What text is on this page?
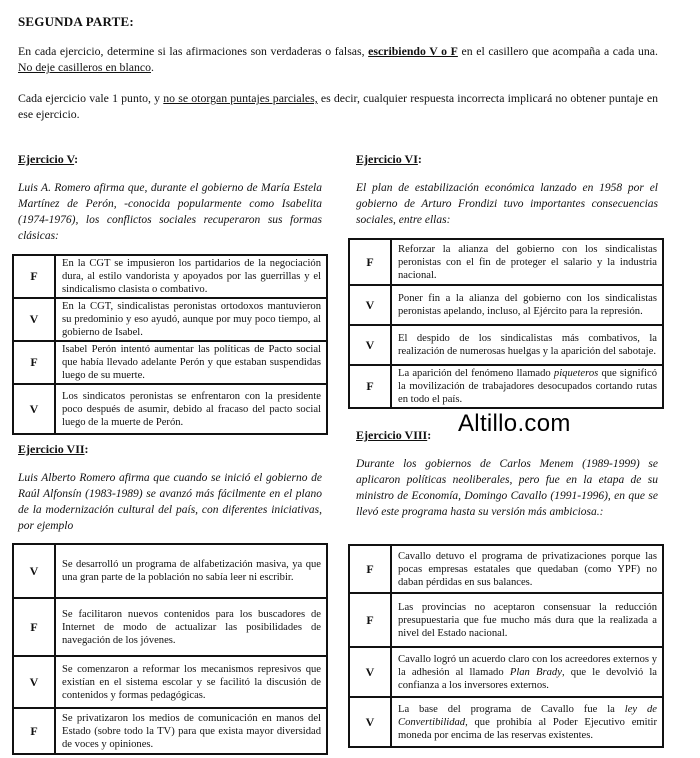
SEGUNDA PARTE:
En cada ejercicio, determine si las afirmaciones son verdaderas o falsas, escribiendo V o F en el casillero que acompaña a cada una. No deje casilleros en blanco.
Cada ejercicio vale 1 punto, y no se otorgan puntajes parciales, es decir, cualquier respuesta incorrecta implicará no obtener puntaje en ese ejercicio.
Ejercicio V:
Luis A. Romero afirma que, durante el gobierno de María Estela Martínez de Perón, -conocida popularmente como Isabelita (1974-1976), los conflictos sociales recuperaron sus formas clásicas:
F	En la CGT se impusieron los partidarios de la negociación dura, al estilo vandorista y apoyados por las guerrillas y el sindicalismo clasista o combativo.
V	En la CGT, sindicalistas peronistas ortodoxos mantuvieron su predominio y eso ayudó, aunque por muy poco tiempo, al gobierno de Isabel.
F	Isabel Perón intentó aumentar las políticas de Pacto social que había llevado adelante Perón y que estaban suspendidas luego de su muerte.
V	Los sindicatos peronistas se enfrentaron con la presidente poco después de asumir, debido al fracaso del pacto social luego de la muerte de Perón.
Ejercicio VI:
El plan de estabilización económica lanzado en 1958 por el gobierno de Arturo Frondizi tuvo importantes consecuencias sociales, entre ellas:
F	Reforzar la alianza del gobierno con los sindicalistas peronistas con el fin de proteger el salario y la industria nacional.
V	Poner fin a la alianza del gobierno con los sindicalistas peronistas apelando, incluso, al Ejército para la represión.
V	El despido de los sindicalistas más combativos, la realización de numerosas huelgas y la aparición del sabotaje.
F	La aparición del fenómeno llamado piqueteros que significó la movilización de trabajadores desocupados cortando rutas en todo el país.
Altillo.com
Ejercicio VII:
Luis Alberto Romero afirma que cuando se inició el gobierno de Raúl Alfonsín (1983-1989) se avanzó más fácilmente en el plano de la modernización cultural del país, con diferentes iniciativas, por ejemplo
V	Se desarrolló un programa de alfabetización masiva, ya que una gran parte de la población no sabía leer ni escribir.
F	Se facilitaron nuevos contenidos para los buscadores de Internet de modo de actualizar las posibilidades de navegación de los jóvenes.
V	Se comenzaron a reformar los mecanismos represivos que existían en el sistema escolar y se facilitó la discusión de contenidos y formas pedagógicas.
F	Se privatizaron los medios de comunicación en manos del Estado (sobre todo la TV) para que exista mayor diversidad de voces y opiniones.
Ejercicio VIII:
Durante los gobiernos de Carlos Menem (1989-1999) se aplicaron políticas neoliberales, pero fue en la etapa de su ministro de Economía, Domingo Cavallo (1991-1996), en que se llevó este programa hasta su versión más ambiciosa.:
F	Cavallo detuvo el programa de privatizaciones porque las pocas empresas estatales que quedaban (como YPF) no daban pérdidas en sus balances.
F	Las provincias no aceptaron consensuar la reducción presupuestaria que fue mucho más dura que la realizada a nivel del Estado nacional.
V	Cavallo logró un acuerdo claro con los acreedores externos y la adhesión al llamado Plan Brady, que le devolvió la confianza a los inversores externos.
V	La base del programa de Cavallo fue la ley de Convertibilidad, que prohibía al Poder Ejecutivo emitir moneda por encima de las reservas existentes.
